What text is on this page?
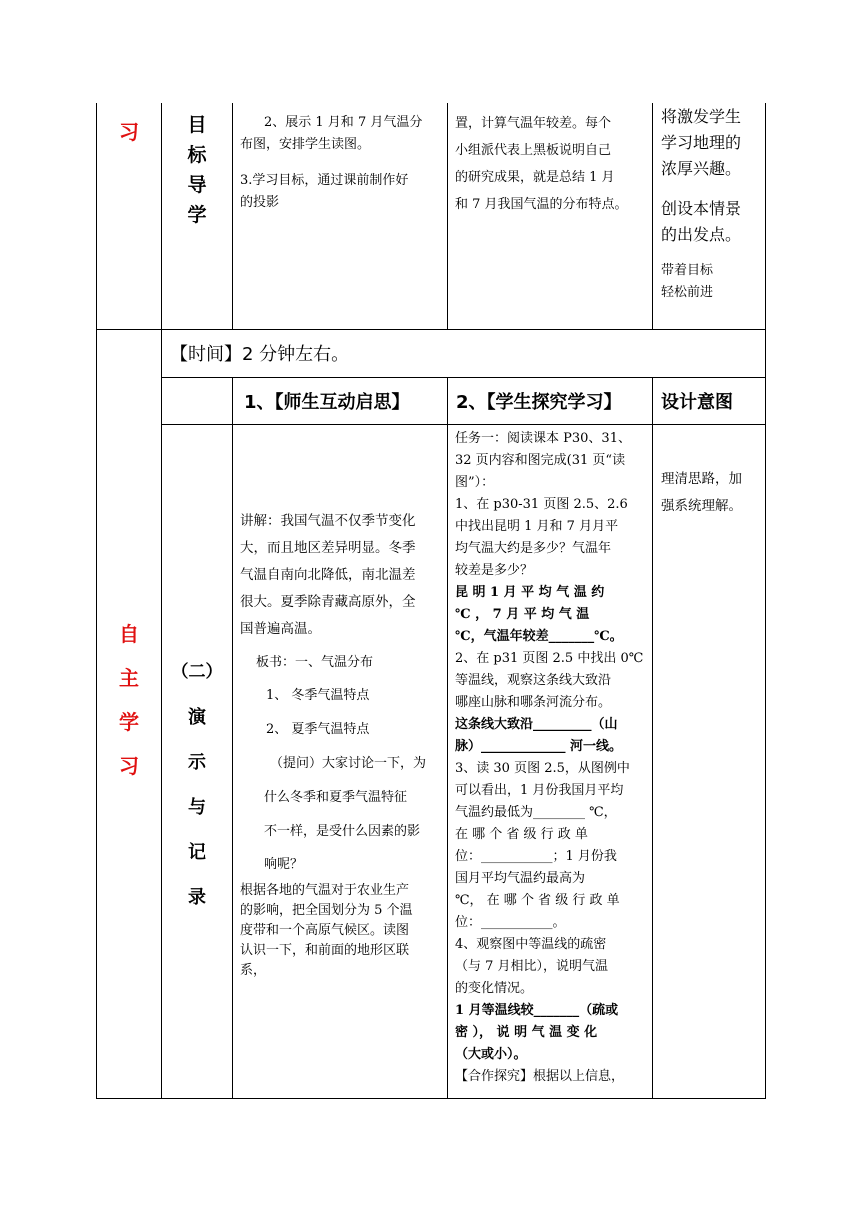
习	目
标
导
学
2、展示 1 月和 7 月气温分
布图，安排学生读图。
3.学习目标，通过课前制作好
的投影
置，计算气温年较差。每个
小组派代表上黑板说明自己
的研究成果，就是总结 1 月
和 7 月我国气温的分布特点。
将激发学生
学习地理的
浓厚兴趣。
创设本情景
的出发点。
带着目标
轻松前进
自
主
学
习
【时间】2 分钟左右。
1、【师生互动启思】	2、【学生探究学习】 设计意图
（二）
演
示
与
记
录
讲解：我国气温不仅季节变化
大，而且地区差异明显。冬季
气温自南向北降低，南北温差
很大。夏季除青藏高原外，全
国普遍高温。
板书：一、气温分布
1、 冬季气温特点
2、 夏季气温特点
（提问）大家讨论一下，为
什么冬季和夏季气温特征
不一样，是受什么因素的影
响呢？
根据各地的气温对于农业生产
的影响，把全国划分为 5 个温
度带和一个高原气候区。读图
认识一下，和前面的地形区联
系，
任务一：阅读课本 P30、31、
32 页内容和图完成(31 页“读
图”）：
1、在 p30-31 页图 2.5、2.6
中找出昆明 1 月和 7 月月平
均气温大约是多少？气温年
较差是多少？
昆 明 1 月 平 均 气 温 约
℃ ， 7 月 平 均 气 温
℃，气温年较差_______℃。
2、在 p31 页图 2.5 中找出 0℃
等温线，观察这条线大致沿
哪座山脉和哪条河流分布。
这条线大致沿_________（山
脉）_____________ 河一线。
3、读 30 页图 2.5，从图例中
可以看出，1 月份我国月平均
气温约最低为________ ℃，
在 哪 个 省 级 行 政 单
位：___________；1 月份我
国月平均气温约最高为
℃， 在 哪 个 省 级 行 政 单
位：___________。
4、观察图中等温线的疏密
（与 7 月相比），说明气温
的变化情况。
1 月等温线较_______（疏或
密 ）， 说 明 气 温 变 化
（大或小）。
【合作探究】根据以上信息，
理清思路，加
强系统理解。
